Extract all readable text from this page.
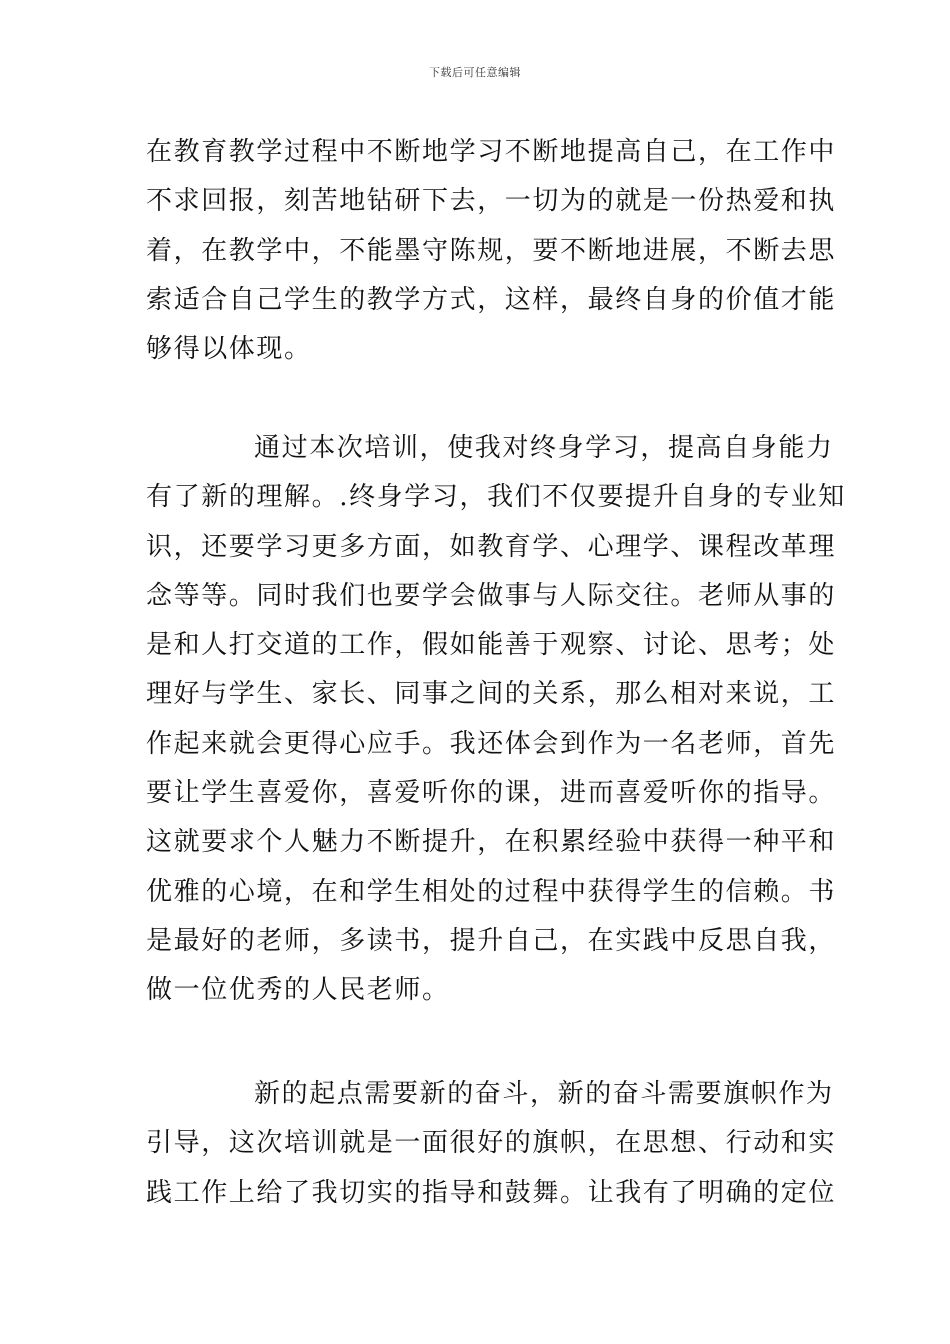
下载后可任意编辑
在教育教学过程中不断地学习不断地提高自己，在工作中
不求回报，刻苦地钻研下去，一切为的就是一份热爱和执
着，在教学中，不能墨守陈规，要不断地进展，不断去思
索适合自己学生的教学方式，这样，最终自身的价值才能
够得以体现。
通过本次培训，使我对终身学习，提高自身能力
有了新的理解。.终身学习，我们不仅要提升自身的专业知
识，还要学习更多方面，如教育学、心理学、课程改革理
念等等。同时我们也要学会做事与人际交往。老师从事的
是和人打交道的工作，假如能善于观察、讨论、思考；处
理好与学生、家长、同事之间的关系，那么相对来说，工
作起来就会更得心应手。我还体会到作为一名老师，首先
要让学生喜爱你，喜爱听你的课，进而喜爱听你的指导。
这就要求个人魅力不断提升，在积累经验中获得一种平和
优雅的心境，在和学生相处的过程中获得学生的信赖。书
是最好的老师，多读书，提升自己，在实践中反思自我，
做一位优秀的人民老师。
新的起点需要新的奋斗，新的奋斗需要旗帜作为
引导，这次培训就是一面很好的旗帜，在思想、行动和实
践工作上给了我切实的指导和鼓舞。让我有了明确的定位
